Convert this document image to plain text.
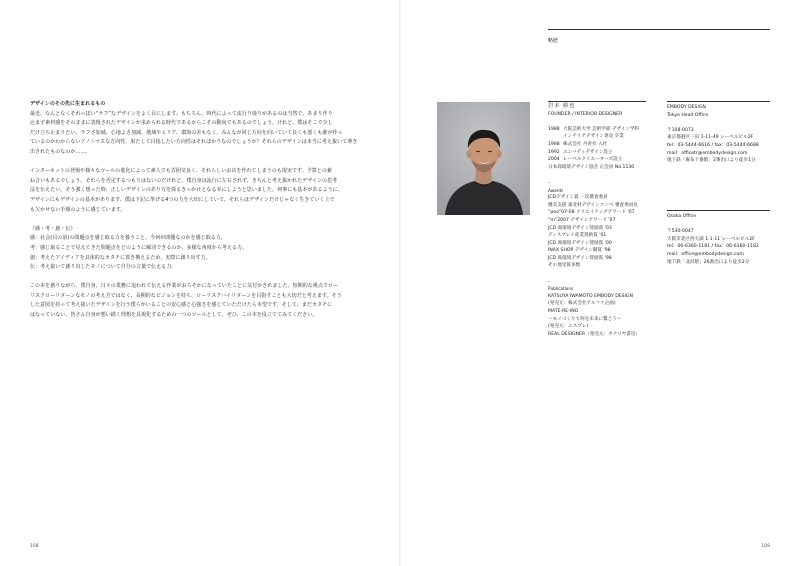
デザインのその先に生まれるもの

最近、なんとなくそれっぽい“ラフ”なデザインをよく目にします。もちろん、時代によって流行り廃りがあるのは当然で、あまり作り
込まず素材感をそのままに表現されたデザインが求められる時代であるからこその動向でもあるのでしょう。けれど、僕はそこで少し
だけ立ち止まりたい。ラフさ加減、心地よさ加減、地域やエリア、環境の差もなく、みんなが同じ方向を向いていて良くも悪くも誰が作っ
ているのかわからないアノニマスな方向性。果たして目指したい方向性はそればかりなのでしょうか？それらのデザインは本当に考え抜いて導き
出されたものなのか……。

インターネットの登場や様々なツールの進化によって素人でも雰囲気良く、それらしいお店を作れてしまうのも現実です。予算との兼
ね合いもあるでしょう。それらを否定するつもりはないのだけれど、僕自身は流行に左右されず、きちんと考え抜かれたデザインの思考
法を伝えたい。そう強く想った時、正しいデザインのあり方を探るきっかけとなる本にしようと思いました。何事にも基本があるように、
デザインにもデザインの基本があります。僕は下記に挙げる4つの力を大切にしていて、それらはデザインだけじゃなく生きていく上で
も欠かせない手順のように感じています。

《感・考・創・伝》
感：社会(目の前)の問題点を感じ取る力を養うこと。今何が問題なのかを感じ取る力。
考：感じ取ることで見えてきた問題点をどのように解決できるのか、多様な角度から考える力。
創：考えたアイディアを具体的なカタチに置き換えるため、実際に創り出す力。
伝：考え抜いて創り出したモノについて自分の言葉で伝える力。

この本を創りながら、僕自身、日々の業務に追われて伝える作業がおろそかになっていたことに気付かされました。短期的な視点でロー
リスクローリターンなモノの考え方ではなく、長期的なビジョンを持ち、ローリスクハイリターンを目指すことも大切だと考えます。そう
した意図を持って考え抜いたデザインを行う僕らがいることの安心感と心強さを感じていただけたら本望です。そして、まだカタチに
はなっていない、皆さん自身が想い描く理想を具現化するための一つのツールとして、ぜひ、この本を役立ててみてください。

108
略歴
岩本 勝也
FOUNDER / INTERIOR DESIGNER
1988 大阪芸術大学 芸術学部 デザイン学科
インテリアデザイン専攻 卒業
1988 株式会社 丹青社 入社
1992 エンバディデザイン設立
2004 レーベルクリエーターズ設立
日本商環境デザイン協会 正会員 No.1130
–
Awards
JCDデザイン賞 一次審査委員
優美支援 東北材デザインコンペ 審査委員長
“peo”07-08 クリエイティブアワード '07
“m”2007 デザインアワード '07
JCD 商環境デザイン奨励賞 '03
ディスプレイ産業奨励賞 '01
JCD 商環境デザイン奨励賞 '00
INAX SHOP デザイン銅賞 '98
JCD 商環境デザイン奨励賞 '98
その他受賞多数
–
Publications
KATSUYA IWAMOTO EMBODY DESIGN
(発売元：株式会社アルファ企画)
MATE-RE-INO
～モノづくりで何を未来に繋ごう～
(発売元：エスプレ)
REAL DESIGNER（発売元：カナリヤ書房）
EMBODY DESIGN
Tokyo Head Office
〒108-0073
東京都港区三田 1-11-49 レーベルビル2F
tel：03-5444-6616 / fax：03-5444-6688
mail：officetr@embodydesign.com
地下鉄「麻布十番駅」2番出口より徒歩1分
Osaka Office
〒530-0047
大阪市北区西天満 1-1-11 レーベルビル2F
tel：06-6360-1181 / fax：06-6360-1182
mail：office@embodydesign.com
地下鉄「北浜駅」26番出口より徒歩2分
109
